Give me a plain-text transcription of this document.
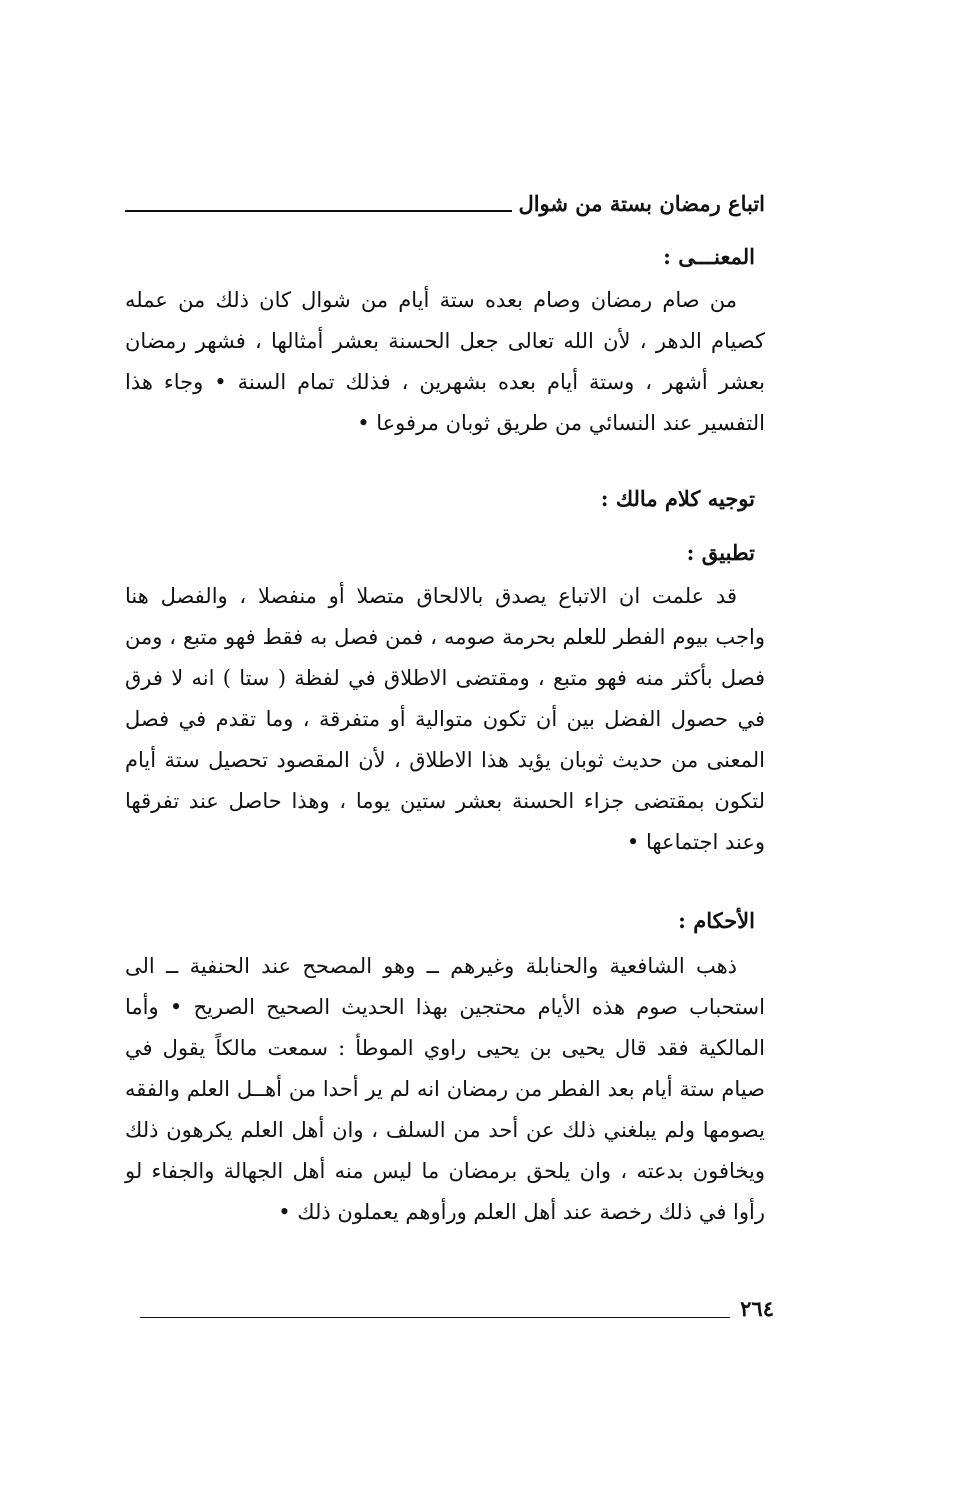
اتباع رمضان بستة من شوال
المعنـــى :

من صام رمضان وصام بعده ستة أيام من شوال كان ذلك من عمله كصيام الدهر ، لأن الله تعالى جعل الحسنة بعشر أمثالها ، فشهر رمضان بعشر أشهر ، وستة أيام بعده بشهرين ، فذلك تمام السنة • وجاء هذا التفسير عند النسائي من طريق ثوبان مرفوعا •

توجيه كلام مالك :
تطبيق :

قد علمت ان الاتباع يصدق بالالحاق متصلا أو منفصلا ، والفصل هنا واجب بيوم الفطر للعلم بحرمة صومه ، فمن فصل به فقط فهو متبع ، ومن فصل بأكثر منه فهو متبع ، ومقتضى الاطلاق في لفظة ( ستا ) انه لا فرق في حصول الفضل بين أن تكون متوالية أو متفرقة ، وما تقدم في فصل المعنى من حديث ثوبان يؤيد هذا الاطلاق ، لأن المقصود تحصيل ستة أيام لتكون بمقتضى جزاء الحسنة بعشر ستين يوما ، وهذا حاصل عند تفرقها وعند اجتماعها •

الأحكام :

ذهب الشافعية والحنابلة وغيرهم ــ وهو المصحح عند الحنفية ــ الى استحباب صوم هذه الأيام محتجين بهذا الحديث الصحيح الصريح • وأما المالكية فقد قال يحيى بن يحيى راوي الموطأ : سمعت مالكاً يقول في صيام ستة أيام بعد الفطر من رمضان انه لم ير أحدا من أهــل العلم والفقه يصومها ولم يبلغني ذلك عن أحد من السلف ، وان أهل العلم يكرهون ذلك ويخافون بدعته ، وان يلحق برمضان ما ليس منه أهل الجهالة والجفاء لو رأوا في ذلك رخصة عند أهل العلم ورأوهم يعملون ذلك •

٢٦٤
